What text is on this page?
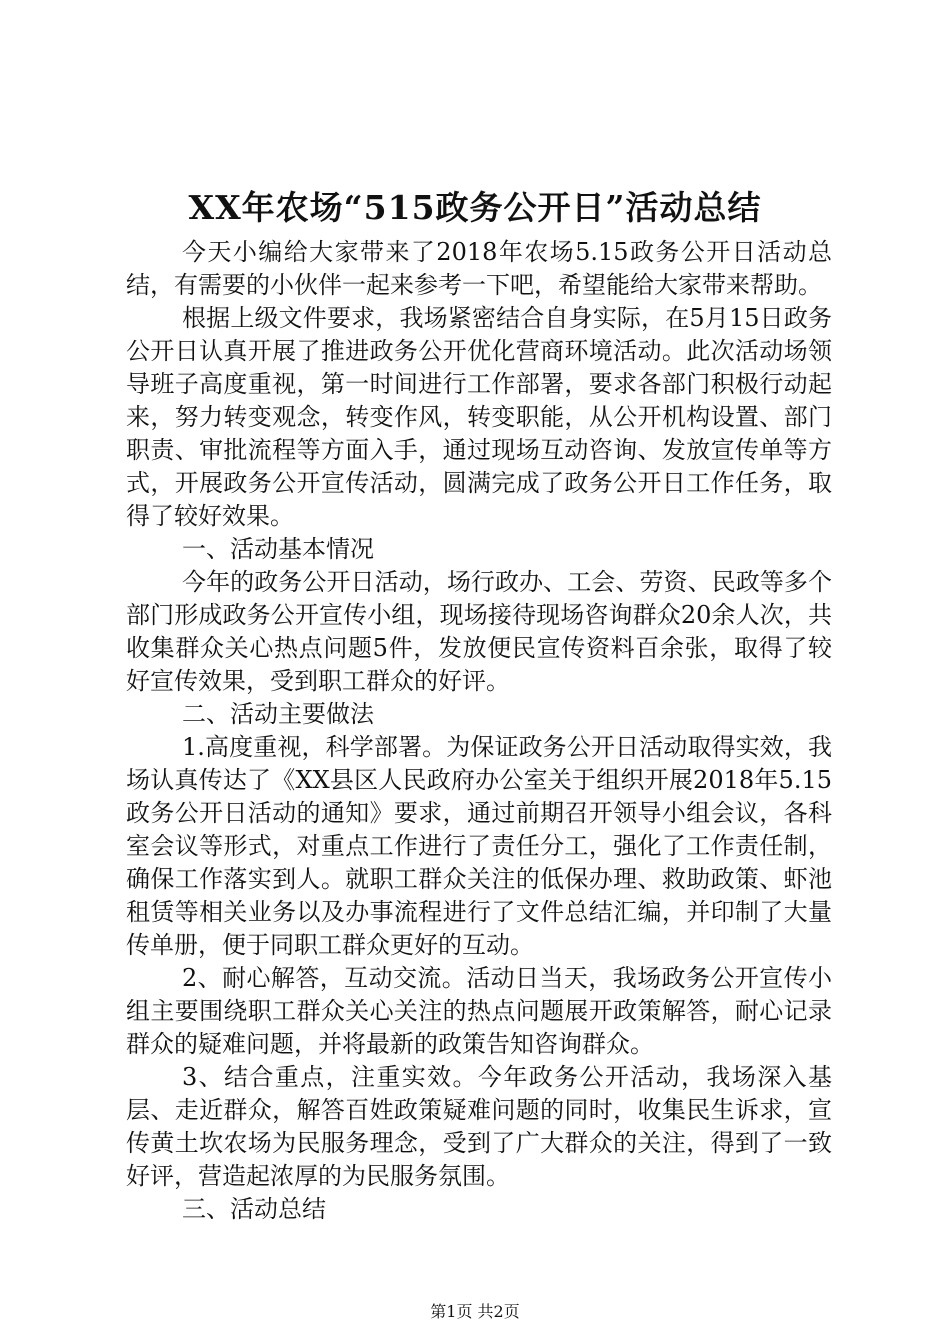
XX年农场“515政务公开日”活动总结

今天小编给大家带来了2018年农场5.15政务公开日活动总结，有需要的小伙伴一起来参考一下吧，希望能给大家带来帮助。

根据上级文件要求，我场紧密结合自身实际，在5月15日政务公开日认真开展了推进政务公开优化营商环境活动。此次活动场领导班子高度重视，第一时间进行工作部署，要求各部门积极行动起来，努力转变观念，转变作风，转变职能，从公开机构设置、部门职责、审批流程等方面入手，通过现场互动咨询、发放宣传单等方式，开展政务公开宣传活动，圆满完成了政务公开日工作任务，取得了较好效果。

一、活动基本情况

今年的政务公开日活动，场行政办、工会、劳资、民政等多个部门形成政务公开宣传小组，现场接待现场咨询群众20余人次，共收集群众关心热点问题5件，发放便民宣传资料百余张，取得了较好宣传效果，受到职工群众的好评。

二、活动主要做法

1.高度重视，科学部署。为保证政务公开日活动取得实效，我场认真传达了《XX县区人民政府办公室关于组织开展2018年5.15政务公开日活动的通知》要求，通过前期召开领导小组会议，各科室会议等形式，对重点工作进行了责任分工，强化了工作责任制，确保工作落实到人。就职工群众关注的低保办理、救助政策、虾池租赁等相关业务以及办事流程进行了文件总结汇编，并印制了大量传单册，便于同职工群众更好的互动。

2、耐心解答，互动交流。活动日当天，我场政务公开宣传小组主要围绕职工群众关心关注的热点问题展开政策解答，耐心记录群众的疑难问题，并将最新的政策告知咨询群众。

3、结合重点，注重实效。今年政务公开活动，我场深入基层、走近群众，解答百姓政策疑难问题的同时，收集民生诉求，宣传黄土坎农场为民服务理念，受到了广大群众的关注，得到了一致好评，营造起浓厚的为民服务氛围。

三、活动总结

第1页 共2页
